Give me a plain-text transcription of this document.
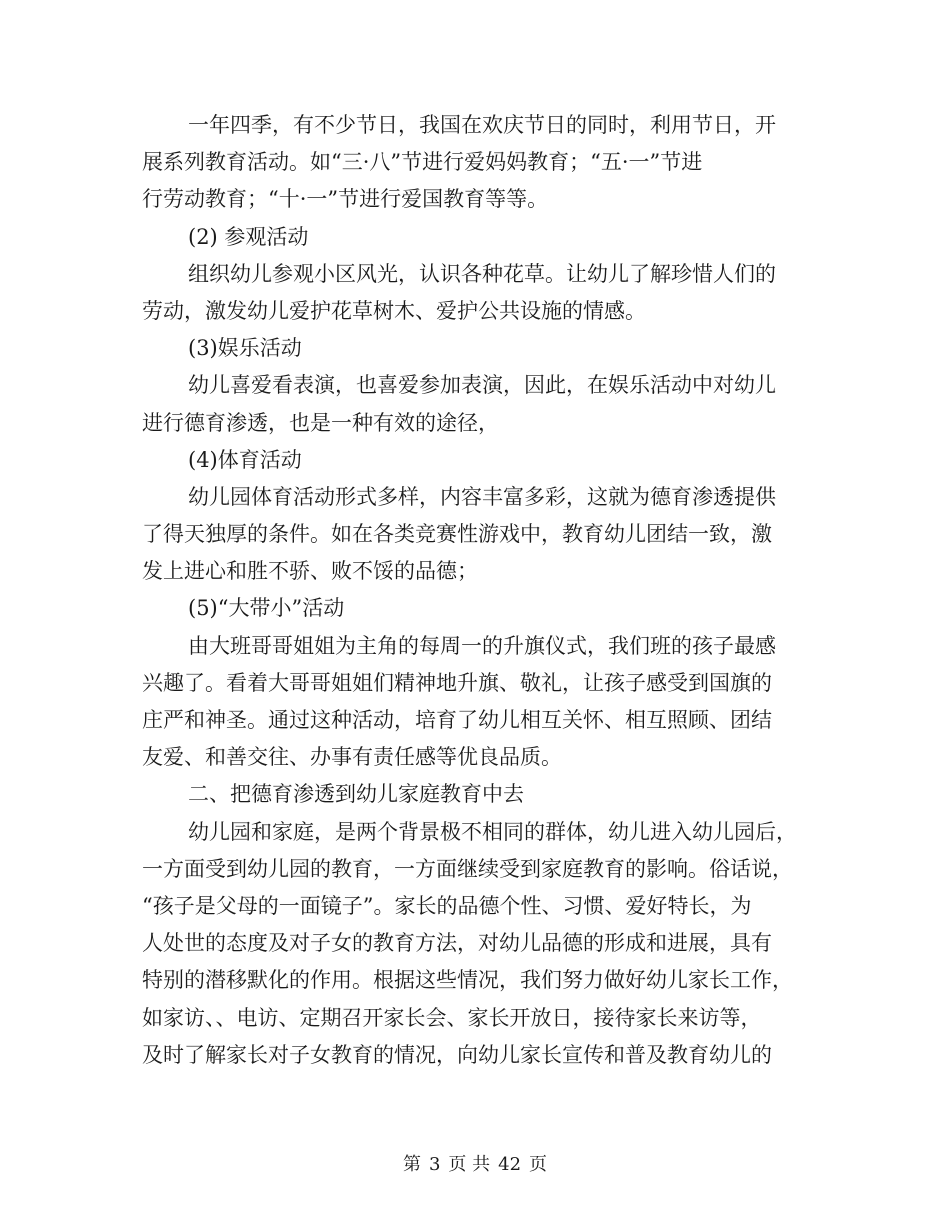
一年四季，有不少节日，我国在欢庆节日的同时，利用节日，开
展系列教育活动。如“三·八”节进行爱妈妈教育；“五·一”节进
行劳动教育；“十·一”节进行爱国教育等等。
(2) 参观活动
组织幼儿参观小区风光，认识各种花草。让幼儿了解珍惜人们的
劳动，激发幼儿爱护花草树木、爱护公共设施的情感。
(3)娱乐活动
幼儿喜爱看表演，也喜爱参加表演，因此，在娱乐活动中对幼儿
进行德育渗透，也是一种有效的途径，
(4)体育活动
幼儿园体育活动形式多样，内容丰富多彩，这就为德育渗透提供
了得天独厚的条件。如在各类竞赛性游戏中，教育幼儿团结一致，激
发上进心和胜不骄、败不馁的品德；
(5)“大带小”活动
由大班哥哥姐姐为主角的每周一的升旗仪式，我们班的孩子最感
兴趣了。看着大哥哥姐姐们精神地升旗、敬礼，让孩子感受到国旗的
庄严和神圣。通过这种活动，培育了幼儿相互关怀、相互照顾、团结
友爱、和善交往、办事有责任感等优良品质。
二、把德育渗透到幼儿家庭教育中去
幼儿园和家庭，是两个背景极不相同的群体，幼儿进入幼儿园后，
一方面受到幼儿园的教育，一方面继续受到家庭教育的影响。俗话说，
“孩子是父母的一面镜子”。家长的品德个性、习惯、爱好特长，为
人处世的态度及对子女的教育方法，对幼儿品德的形成和进展，具有
特别的潜移默化的作用。根据这些情况，我们努力做好幼儿家长工作，
如家访、、电访、定期召开家长会、家长开放日，接待家长来访等，
及时了解家长对子女教育的情况，向幼儿家长宣传和普及教育幼儿的
第 3 页 共 42 页
